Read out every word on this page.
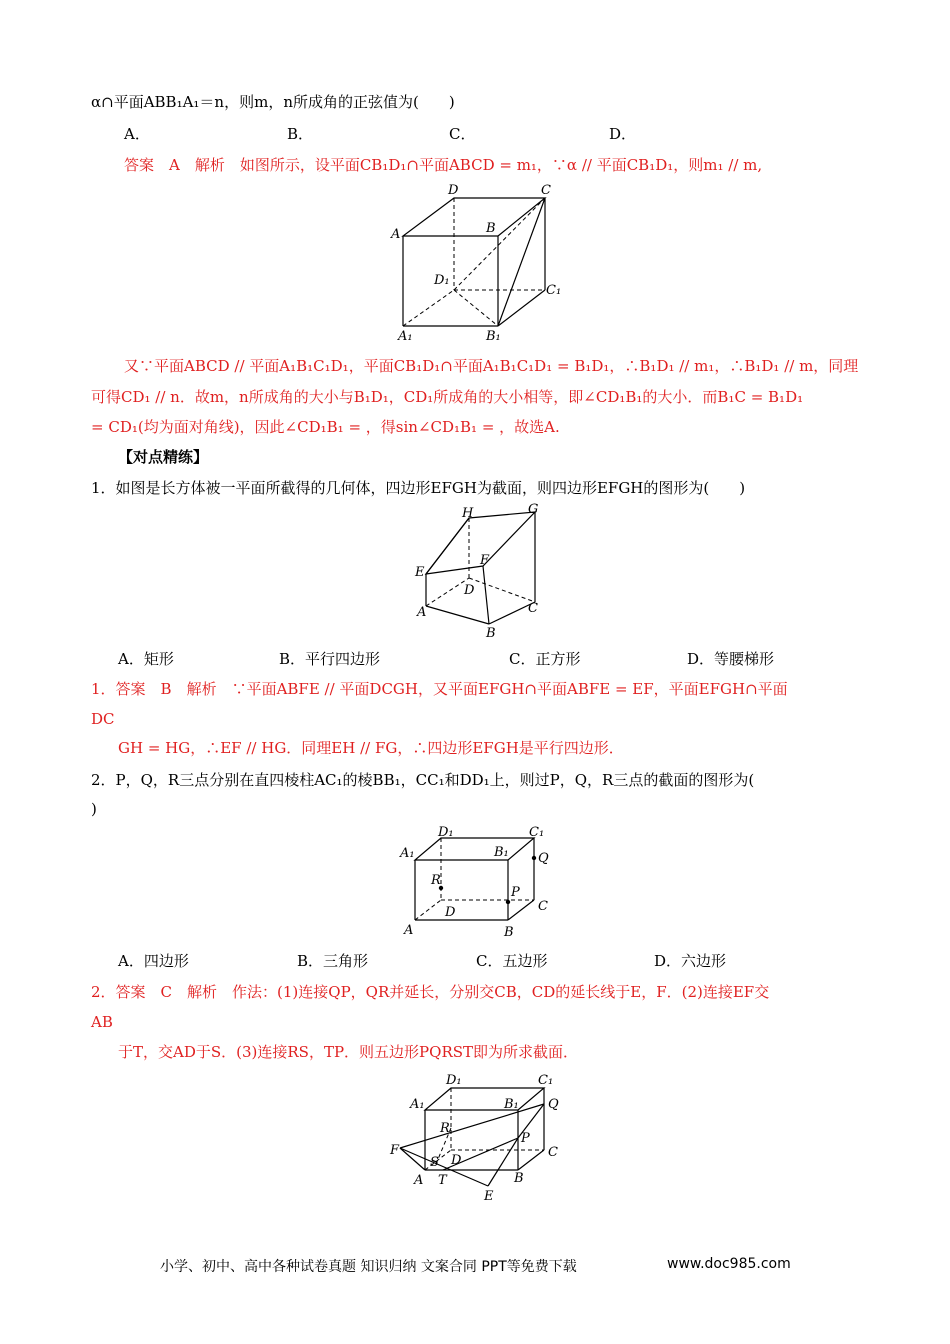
α∩平面ABB₁A₁＝n，则m，n所成角的正弦值为(　　)
A．	B．	C．	D．
答案　A　解析　如图所示，设平面CB₁D₁∩平面ABCD = m₁，∵α // 平面CB₁D₁，则m₁ // m,
D	C
A	B
D₁
C₁
A₁	B₁
又∵平面ABCD // 平面A₁B₁C₁D₁，平面CB₁D₁∩平面A₁B₁C₁D₁ = B₁D₁，∴B₁D₁ // m₁，∴B₁D₁ // m，同理
可得CD₁ // n．故m，n所成角的大小与B₁D₁，CD₁所成角的大小相等，即∠CD₁B₁的大小．而B₁C = B₁D₁
= CD₁(均为面对角线)，因此∠CD₁B₁ = ，得sin∠CD₁B₁ = ，故选A.
【对点精练】
1．如图是长方体被一平面所截得的几何体，四边形EFGH为截面，则四边形EFGH的图形为(　　)
H	G
E
F
D
C
A
B
A．矩形	B．平行四边形	C．正方形	D．等腰梯形
1．答案　B　解析　∵平面ABFE // 平面DCGH，又平面EFGH∩平面ABFE = EF，平面EFGH∩平面
DC
GH = HG，∴EF // HG．同理EH // FG，∴四边形EFGH是平行四边形．
2．P，Q，R三点分别在直四棱柱AC₁的棱BB₁，CC₁和DD₁上，则过P，Q，R三点的截面的图形为(
)
D₁	C₁
A₁	B₁ Q
R
P
C
D
A	B
A．四边形	B．三角形	C．五边形	D．六边形
2．答案　C　解析　作法：(1)连接QP，QR并延长，分别交CB，CD的延长线于E，F．(2)连接EF交
AB
于T，交AD于S．(3)连接RS，TP．则五边形PQRST即为所求截面．
D₁	C₁
A₁	B₁ Q
R
P
F
S D
C
A T	B
E
小学、初中、高中各种试卷真题 知识归纳 文案合同 PPT等免费下载	www.doc985.com
